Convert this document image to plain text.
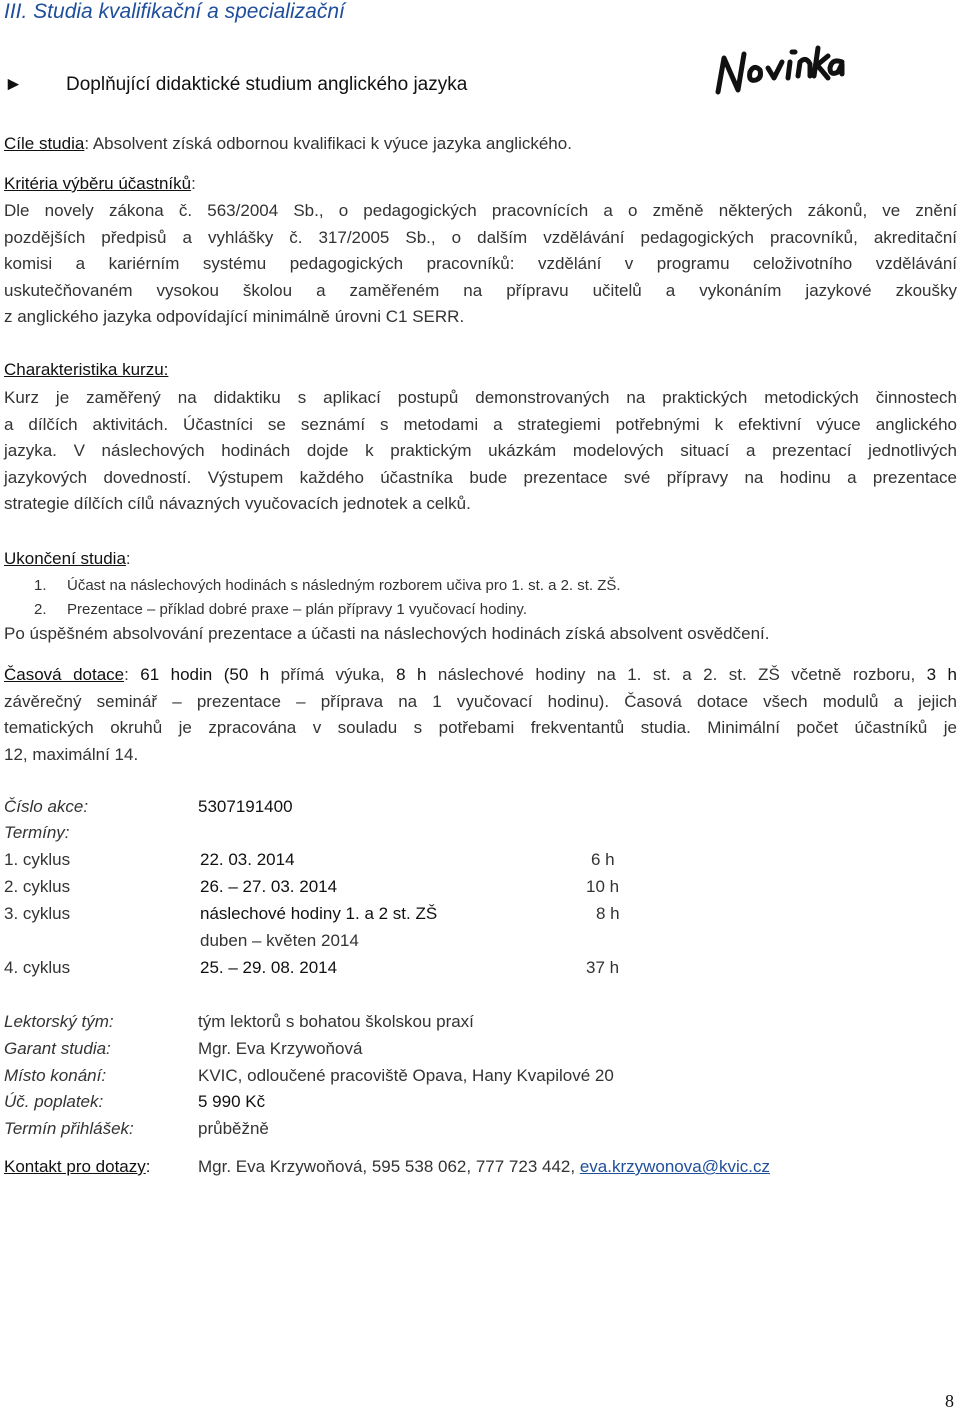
III. Studia kvalifikační a specializační
► Doplňující didaktické studium anglického jazyka
Cíle studia: Absolvent získá odbornou kvalifikaci k výuce jazyka anglického.
Kritéria výběru účastníků:
Dle novely zákona č. 563/2004 Sb., o pedagogických pracovnících a o změně některých zákonů, ve znění
pozdějších předpisů a vyhlášky č. 317/2005 Sb., o dalším vzdělávání pedagogických pracovníků, akreditační
komisi a kariérním systému pedagogických pracovníků: vzdělání v programu celoživotního vzdělávání
uskutečňovaném vysokou školou a zaměřeném na přípravu učitelů a vykonáním jazykové zkoušky
z anglického jazyka odpovídající minimálně úrovni C1 SERR.
Charakteristika kurzu:
Kurz je zaměřený na didaktiku s aplikací postupů demonstrovaných na praktických metodických činnostech
a dílčích aktivitách. Účastníci se seznámí s metodami a strategiemi potřebnými k efektivní výuce anglického
jazyka. V náslechových hodinách dojde k praktickým ukázkám modelových situací a prezentací jednotlivých
jazykových dovedností. Výstupem každého účastníka bude prezentace své přípravy na hodinu a prezentace
strategie dílčích cílů návazných vyučovacích jednotek a celků.
Ukončení studia:
1. Účast na náslechových hodinách s následným rozborem učiva pro 1. st. a 2. st. ZŠ.
2. Prezentace – příklad dobré praxe – plán přípravy 1 vyučovací hodiny.
Po úspěšném absolvování prezentace a účasti na náslechových hodinách získá absolvent osvědčení.
Časová dotace: 61 hodin (50 h přímá výuka, 8 h náslechové hodiny na 1. st. a 2. st. ZŠ včetně rozboru, 3 h
závěrečný seminář – prezentace – příprava na 1 vyučovací hodinu). Časová dotace všech modulů a jejich
tematických okruhů je zpracována v souladu s potřebami frekventantů studia. Minimální počet účastníků je
12, maximální 14.
Číslo akce:	5307191400
Termíny:
1. cyklus	22. 03. 2014	6 h
2. cyklus	26. – 27. 03. 2014	10 h
3. cyklus	náslechové hodiny 1. a 2 st. ZŠ	8 h
duben – květen 2014
4. cyklus	25. – 29. 08. 2014	37 h
Lektorský tým:	tým lektorů s bohatou školskou praxí
Garant studia:	Mgr. Eva Krzywoňová
Místo konání:	KVIC, odloučené pracoviště Opava, Hany Kvapilové 20
Úč. poplatek:	5 990 Kč
Termín přihlášek:	průběžně
Kontakt pro dotazy:	Mgr. Eva Krzywoňová, 595 538 062, 777 723 442, eva.krzywonova@kvic.cz
8
